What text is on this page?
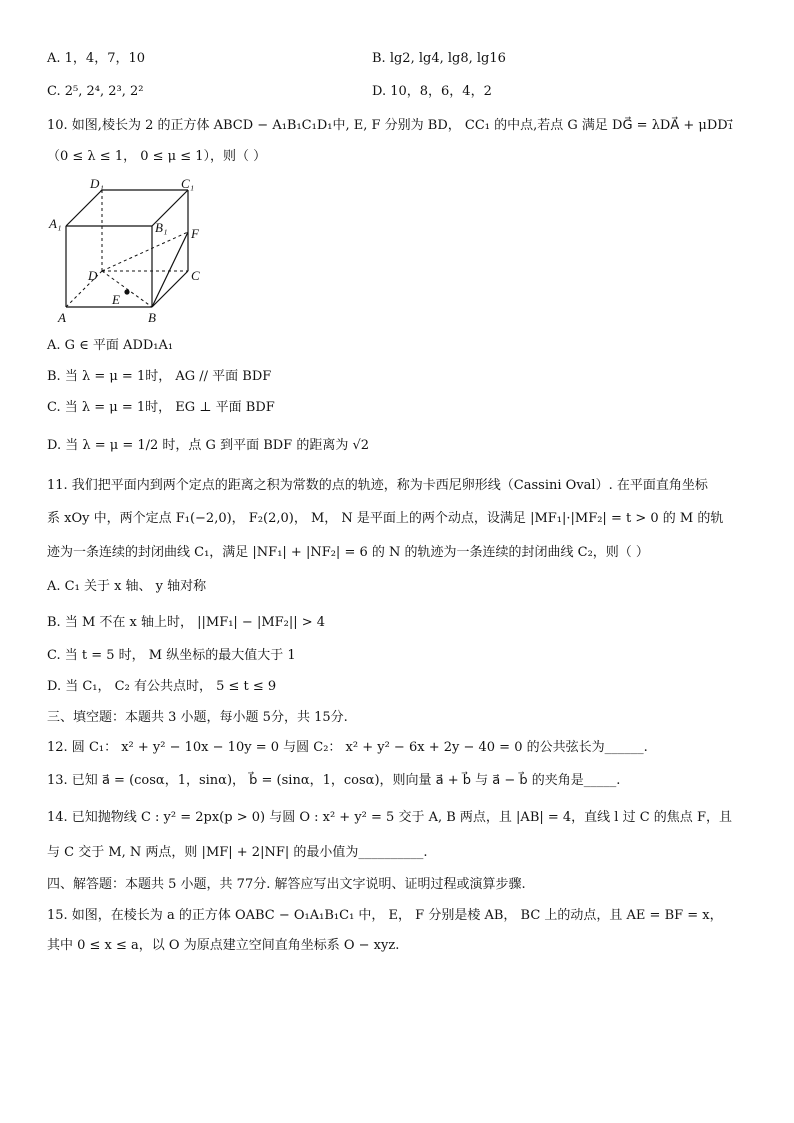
A. 1，4，7，10	B. lg2, lg4, lg8, lg16
C. 2⁵, 2⁴, 2³, 2²	D. 10，8，6，4，2
10. 如图,棱长为 2 的正方体 ABCD − A₁B₁C₁D₁中, E, F 分别为 BD， CC₁ 的中点,若点 G 满足 DG⃗ = λDA⃗ + μDD₁⃗
（0 ≤ λ ≤ 1， 0 ≤ μ ≤ 1），则（ ）
D₁	C₁
A₁	B₁ F
D	C
E
A	B
A. G ∈ 平面 ADD₁A₁
B. 当 λ = μ = 1时， AG // 平面 BDF
C. 当 λ = μ = 1时， EG ⊥ 平面 BDF
D. 当 λ = μ = 1/2 时，点 G 到平面 BDF 的距离为 √2
11. 我们把平面内到两个定点的距离之积为常数的点的轨迹，称为卡西尼卵形线（Cassini Oval）. 在平面直角坐标
系 xOy 中，两个定点 F₁(−2,0)， F₂(2,0)， M， N 是平面上的两个动点，设满足 |MF₁|·|MF₂| = t > 0 的 M 的轨
迹为一条连续的封闭曲线 C₁，满足 |NF₁| + |NF₂| = 6 的 N 的轨迹为一条连续的封闭曲线 C₂，则（ ）
A. C₁ 关于 x 轴、 y 轴对称
B. 当 M 不在 x 轴上时， ||MF₁| − |MF₂|| > 4
C. 当 t = 5 时， M 纵坐标的最大值大于 1
D. 当 C₁， C₂ 有公共点时， 5 ≤ t ≤ 9
三、填空题：本题共 3 小题，每小题 5分，共 15分.
12. 圆 C₁： x² + y² − 10x − 10y = 0 与圆 C₂： x² + y² − 6x + 2y − 40 = 0 的公共弦长为______.
13. 已知 a⃗ = (cosα，1，sinα)， b⃗ = (sinα，1，cosα)，则向量 a⃗ + b⃗ 与 a⃗ − b⃗ 的夹角是_____.
14. 已知抛物线 C : y² = 2px(p > 0) 与圆 O : x² + y² = 5 交于 A, B 两点，且 |AB| = 4，直线 l 过 C 的焦点 F，且
与 C 交于 M, N 两点，则 |MF| + 2|NF| 的最小值为__________.
四、解答题：本题共 5 小题，共 77分. 解答应写出文字说明、证明过程或演算步骤.
15. 如图，在棱长为 a 的正方体 OABC − O₁A₁B₁C₁ 中， E， F 分别是棱 AB， BC 上的动点，且 AE = BF = x，
其中 0 ≤ x ≤ a，以 O 为原点建立空间直角坐标系 O − xyz.
